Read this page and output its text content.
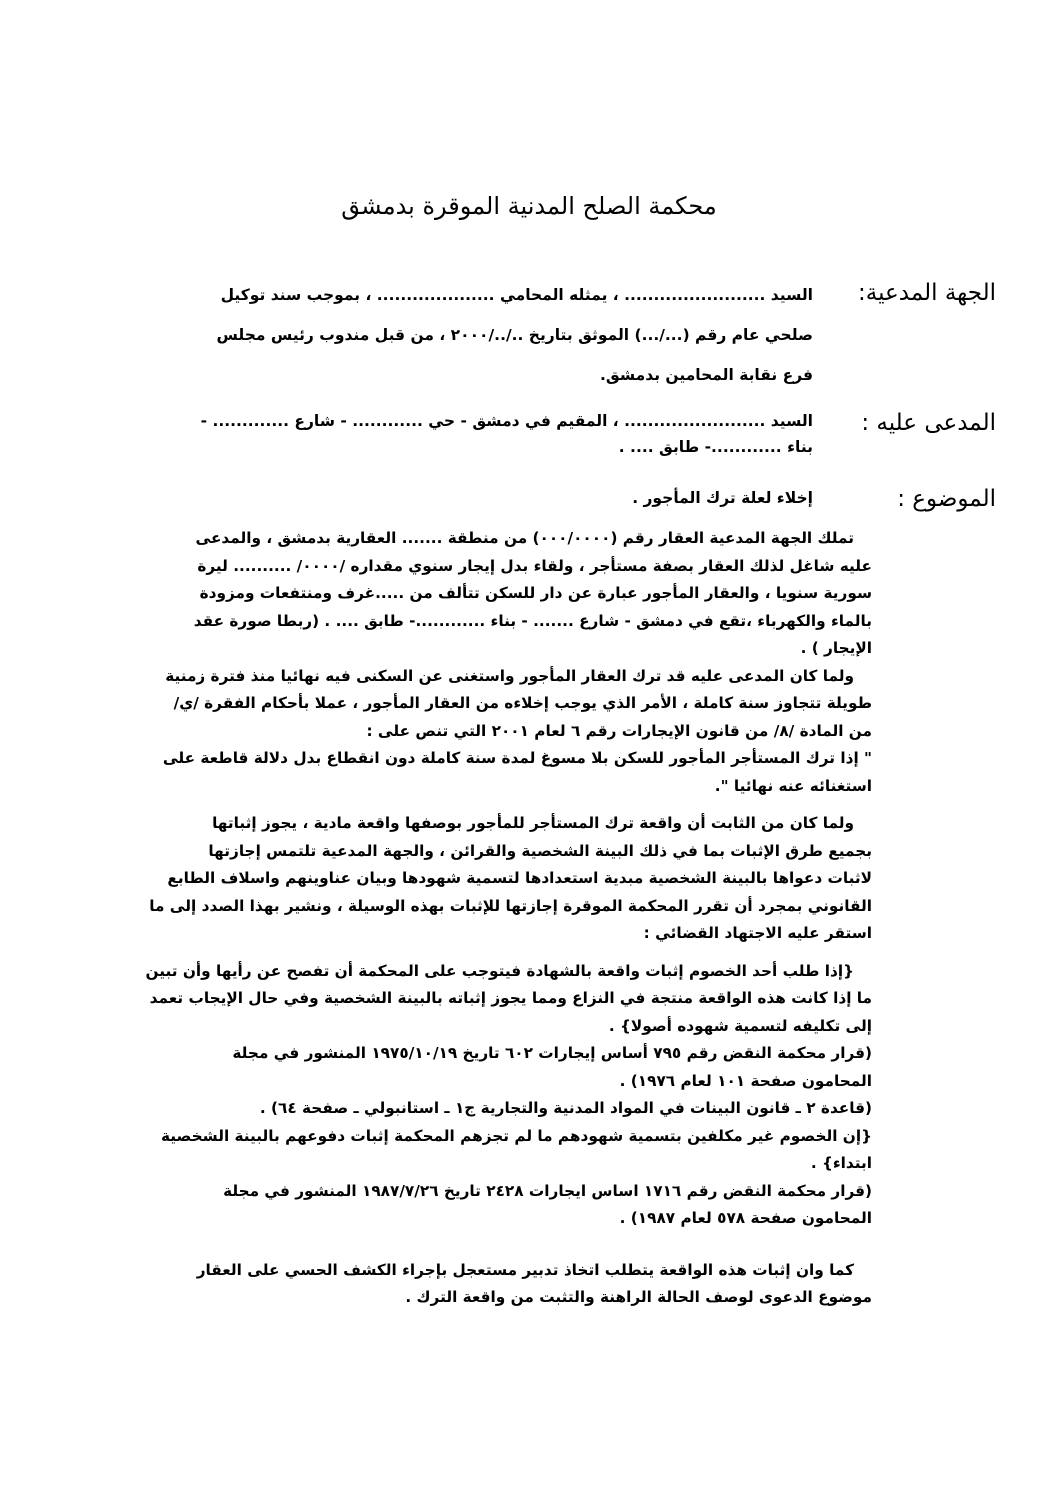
محكمة الصلح المدنية الموقرة بدمشق
الجهة المدعية:
السيد ........................ ، يمثله المحامي .................... ، بموجب سند توكيل
صلحي عام رقم (.../...) الموثق بتاريخ ../../٢٠٠٠ ، من قبل مندوب رئيس مجلس
فرع نقابة المحامين بدمشق.
المدعى عليه :
السيد ........................ ، المقيم في دمشق - حي ............ - شارع ............. -
بناء ............- طابق .... .
الموضوع :
إخلاء لعلة ترك المأجور .
تملك الجهة المدعية العقار رقم (٠٠٠/٠٠٠٠) من منطقة ....... العقارية بدمشق ، والمدعى
عليه شاغل لذلك العقار بصفة مستأجر ، ولقاء بدل إيجار سنوي مقداره /٠٠٠٠/ .......... ليرة
سورية سنويا ، والعقار المأجور عبارة عن دار للسكن تتألف من .....غرف ومنتفعات ومزودة
بالماء والكهرباء ،تقع في دمشق - شارع ....... - بناء ............- طابق .... . (ربطا صورة عقد
الإيجار ) .
ولما كان المدعى عليه قد ترك العقار المأجور واستغنى عن السكنى فيه نهائيا منذ فترة زمنية
طويلة تتجاوز سنة كاملة ، الأمر الذي يوجب إخلاءه من العقار المأجور ، عملا بأحكام الفقرة /ي/
من المادة /٨/ من قانون الإيجارات رقم ٦ لعام ٢٠٠١ التي تنص على :
" إذا ترك المستأجر المأجور للسكن بلا مسوغ لمدة سنة كاملة دون انقطاع بدل دلالة قاطعة على
استغنائه عنه نهائيا ".
ولما كان من الثابت أن واقعة ترك المستأجر للمأجور بوصفها واقعة مادية ، يجوز إثباتها
بجميع طرق الإثبات بما في ذلك البينة الشخصية والقرائن ، والجهة المدعية تلتمس إجازتها
لاثبات دعواها بالبينة الشخصية مبدية استعدادها لتسمية شهودها وبيان عناوينهم واسلاف الطابع
القانوني بمجرد أن تقرر المحكمة الموقرة إجازتها للإثبات بهذه الوسيلة ، ونشير بهذا الصدد إلى ما
استقر عليه الاجتهاد القضائي :
{إذا طلب أحد الخصوم إثبات واقعة بالشهادة فيتوجب على المحكمة أن تفصح عن رأيها وأن تبين
ما إذا كانت هذه الواقعة منتجة في النزاع ومما يجوز إثباته بالبينة الشخصية وفي حال الإيجاب تعمد
إلى تكليفه لتسمية شهوده أصولا} .
(قرار محكمة النقض رقم ٧٩٥ أساس إيجارات ٦٠٢ تاريخ ١٩٧٥/١٠/١٩ المنشور في مجلة
المحامون صفحة ١٠١ لعام ١٩٧٦) .
(قاعدة ٢ ـ قانون البينات في المواد المدنية والتجارية ج١ ـ استانبولي ـ صفحة ٦٤) .
{إن الخصوم غير مكلفين بتسمية شهودهم ما لم تجزهم المحكمة إثبات دفوعهم بالبينة الشخصية
ابتداء} .
(قرار محكمة النقض رقم ١٧١٦ اساس ايجارات ٢٤٢٨ تاريخ ١٩٨٧/٧/٢٦ المنشور في مجلة
المحامون صفحة ٥٧٨ لعام ١٩٨٧) .
كما وان إثبات هذه الواقعة يتطلب اتخاذ تدبير مستعجل بإجراء الكشف الحسي على العقار
موضوع الدعوى لوصف الحالة الراهنة والتثبت من واقعة الترك .
